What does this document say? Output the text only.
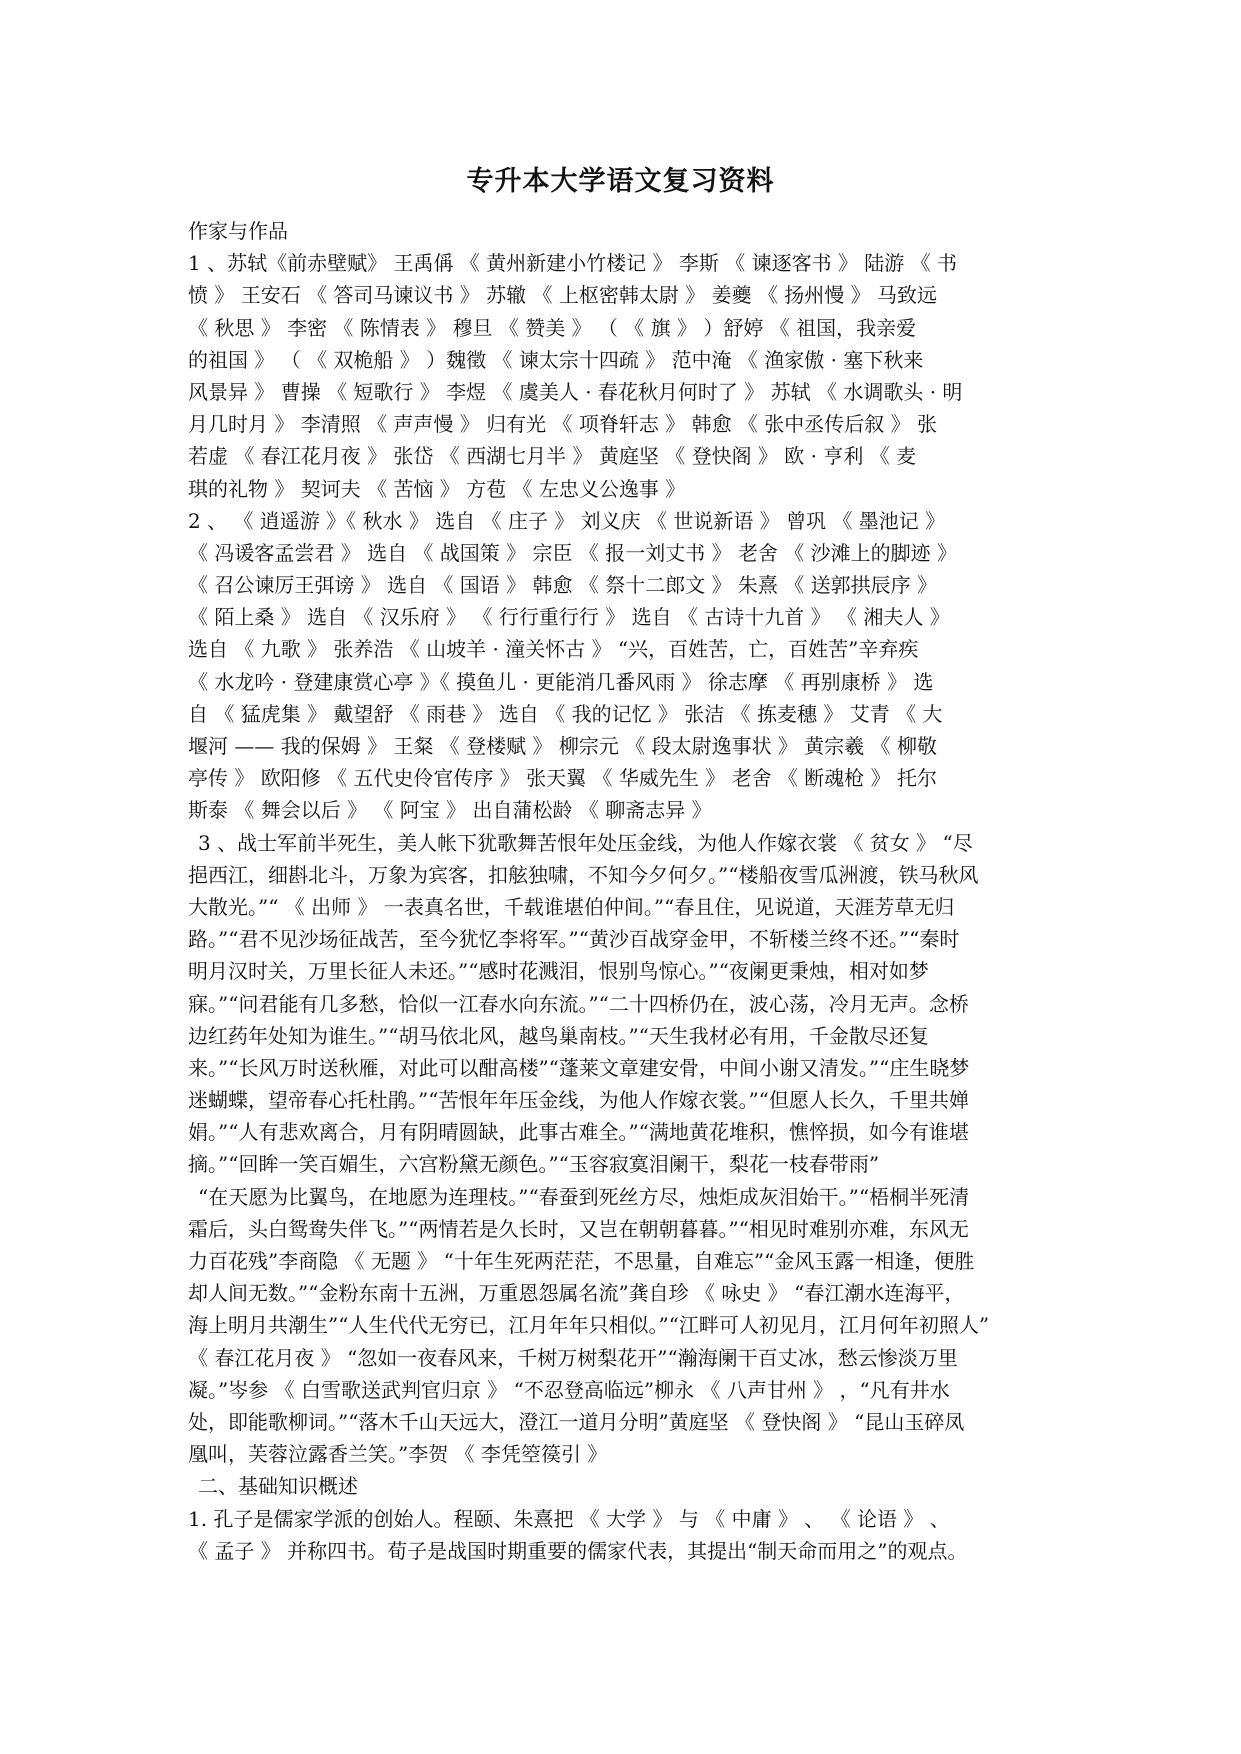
专升本大学语文复习资料
作家与作品
1 、苏轼《前赤壁赋》 王禹偁 《 黄州新建小竹楼记 》 李斯 《 谏逐客书 》 陆游 《 书
愤 》 王安石 《 答司马谏议书 》 苏辙 《 上枢密韩太尉 》 姜夔 《 扬州慢 》 马致远
《 秋思 》 李密 《 陈情表 》 穆旦 《 赞美 》 （ 《 旗 》 ）舒婷 《 祖国，我亲爱
的祖国 》 （ 《 双桅船 》 ）魏徵 《 谏太宗十四疏 》 范中淹 《 渔家傲 · 塞下秋来
风景异 》 曹操 《 短歌行 》 李煜 《 虞美人 · 春花秋月何时了 》 苏轼 《 水调歌头 · 明
月几时月 》 李清照 《 声声慢 》 归有光 《 项脊轩志 》 韩愈 《 张中丞传后叙 》 张
若虚 《 春江花月夜 》 张岱 《 西湖七月半 》 黄庭坚 《 登快阁 》 欧 · 亨利 《 麦
琪的礼物 》 契诃夫 《 苦恼 》 方苞 《 左忠义公逸事 》
2 、 《 逍遥游 》《 秋水 》 选自 《 庄子 》 刘义庆 《 世说新语 》 曾巩 《 墨池记 》
《 冯谖客孟尝君 》 选自 《 战国策 》 宗臣 《 报一刘丈书 》 老舍 《 沙滩上的脚迹 》
《 召公谏厉王弭谤 》 选自 《 国语 》 韩愈 《 祭十二郎文 》 朱熹 《 送郭拱辰序 》
《 陌上桑 》 选自 《 汉乐府 》 《 行行重行行 》 选自 《 古诗十九首 》 《 湘夫人 》
选自 《 九歌 》 张养浩 《 山坡羊 · 潼关怀古 》 “兴，百姓苦，亡，百姓苦”辛弃疾
《 水龙吟 · 登建康赏心亭 》《 摸鱼儿 · 更能消几番风雨 》 徐志摩 《 再别康桥 》 选
自 《 猛虎集 》 戴望舒 《 雨巷 》 选自 《 我的记忆 》 张洁 《 拣麦穗 》 艾青 《 大
堰河 —— 我的保姆 》 王粲 《 登楼赋 》 柳宗元 《 段太尉逸事状 》 黄宗羲 《 柳敬
亭传 》 欧阳修 《 五代史伶官传序 》 张天翼 《 华威先生 》 老舍 《 断魂枪 》 托尔
斯泰 《 舞会以后 》 《 阿宝 》 出自蒲松龄 《 聊斋志异 》
3 、战士军前半死生，美人帐下犹歌舞苦恨年处压金线，为他人作嫁衣裳 《 贫女 》 “尽
挹西江，细斟北斗，万象为宾客，扣舷独啸，不知今夕何夕。”“楼船夜雪瓜洲渡，铁马秋风
大散光。”“ 《 出师 》 一表真名世，千载谁堪伯仲间。”“春且住，见说道，天涯芳草无归
路。”“君不见沙场征战苦，至今犹忆李将军。”“黄沙百战穿金甲，不斩楼兰终不还。”“秦时
明月汉时关，万里长征人未还。”“感时花溅泪，恨别鸟惊心。”“夜阑更秉烛，相对如梦
寐。”“问君能有几多愁，恰似一江春水向东流。”“二十四桥仍在，波心荡，冷月无声。念桥
边红药年处知为谁生。”“胡马依北风，越鸟巢南枝。”“天生我材必有用，千金散尽还复
来。”“长风万时送秋雁，对此可以酣高楼”“蓬莱文章建安骨，中间小谢又清发。”“庄生晓梦
迷蝴蝶，望帝春心托杜鹃。”“苦恨年年压金线，为他人作嫁衣裳。”“但愿人长久，千里共婵
娟。”“人有悲欢离合，月有阴晴圆缺，此事古难全。”“满地黄花堆积，憔悴损，如今有谁堪
摘。”“回眸一笑百媚生，六宫粉黛无颜色。”“玉容寂寞泪阑干，梨花一枝春带雨”
“在天愿为比翼鸟，在地愿为连理枝。”“春蚕到死丝方尽，烛炬成灰泪始干。”“梧桐半死清
霜后，头白鸳鸯失伴飞。”“两情若是久长时，又岂在朝朝暮暮。”“相见时难别亦难，东风无
力百花残”李商隐 《 无题 》 “十年生死两茫茫，不思量，自难忘”“金风玉露一相逢，便胜
却人间无数。”“金粉东南十五洲，万重恩怨属名流”龚自珍 《 咏史 》 “春江潮水连海平，
海上明月共潮生”“人生代代无穷已，江月年年只相似。”“江畔可人初见月，江月何年初照人”
《 春江花月夜 》 “忽如一夜春风来，千树万树梨花开”“瀚海阑干百丈冰，愁云惨淡万里
凝。”岑参 《 白雪歌送武判官归京 》 “不忍登高临远”柳永 《 八声甘州 》 ，“凡有井水
处，即能歌柳词。”“落木千山天远大，澄江一道月分明”黄庭坚 《 登快阁 》 “昆山玉碎凤
凰叫，芙蓉泣露香兰笑。”李贺 《 李凭箜篌引 》
二、基础知识概述
1. 孔子是儒家学派的创始人。程颐、朱熹把 《 大学 》 与 《 中庸 》 、 《 论语 》 、
《 孟子 》 并称四书。荀子是战国时期重要的儒家代表，其提出“制天命而用之”的观点。
